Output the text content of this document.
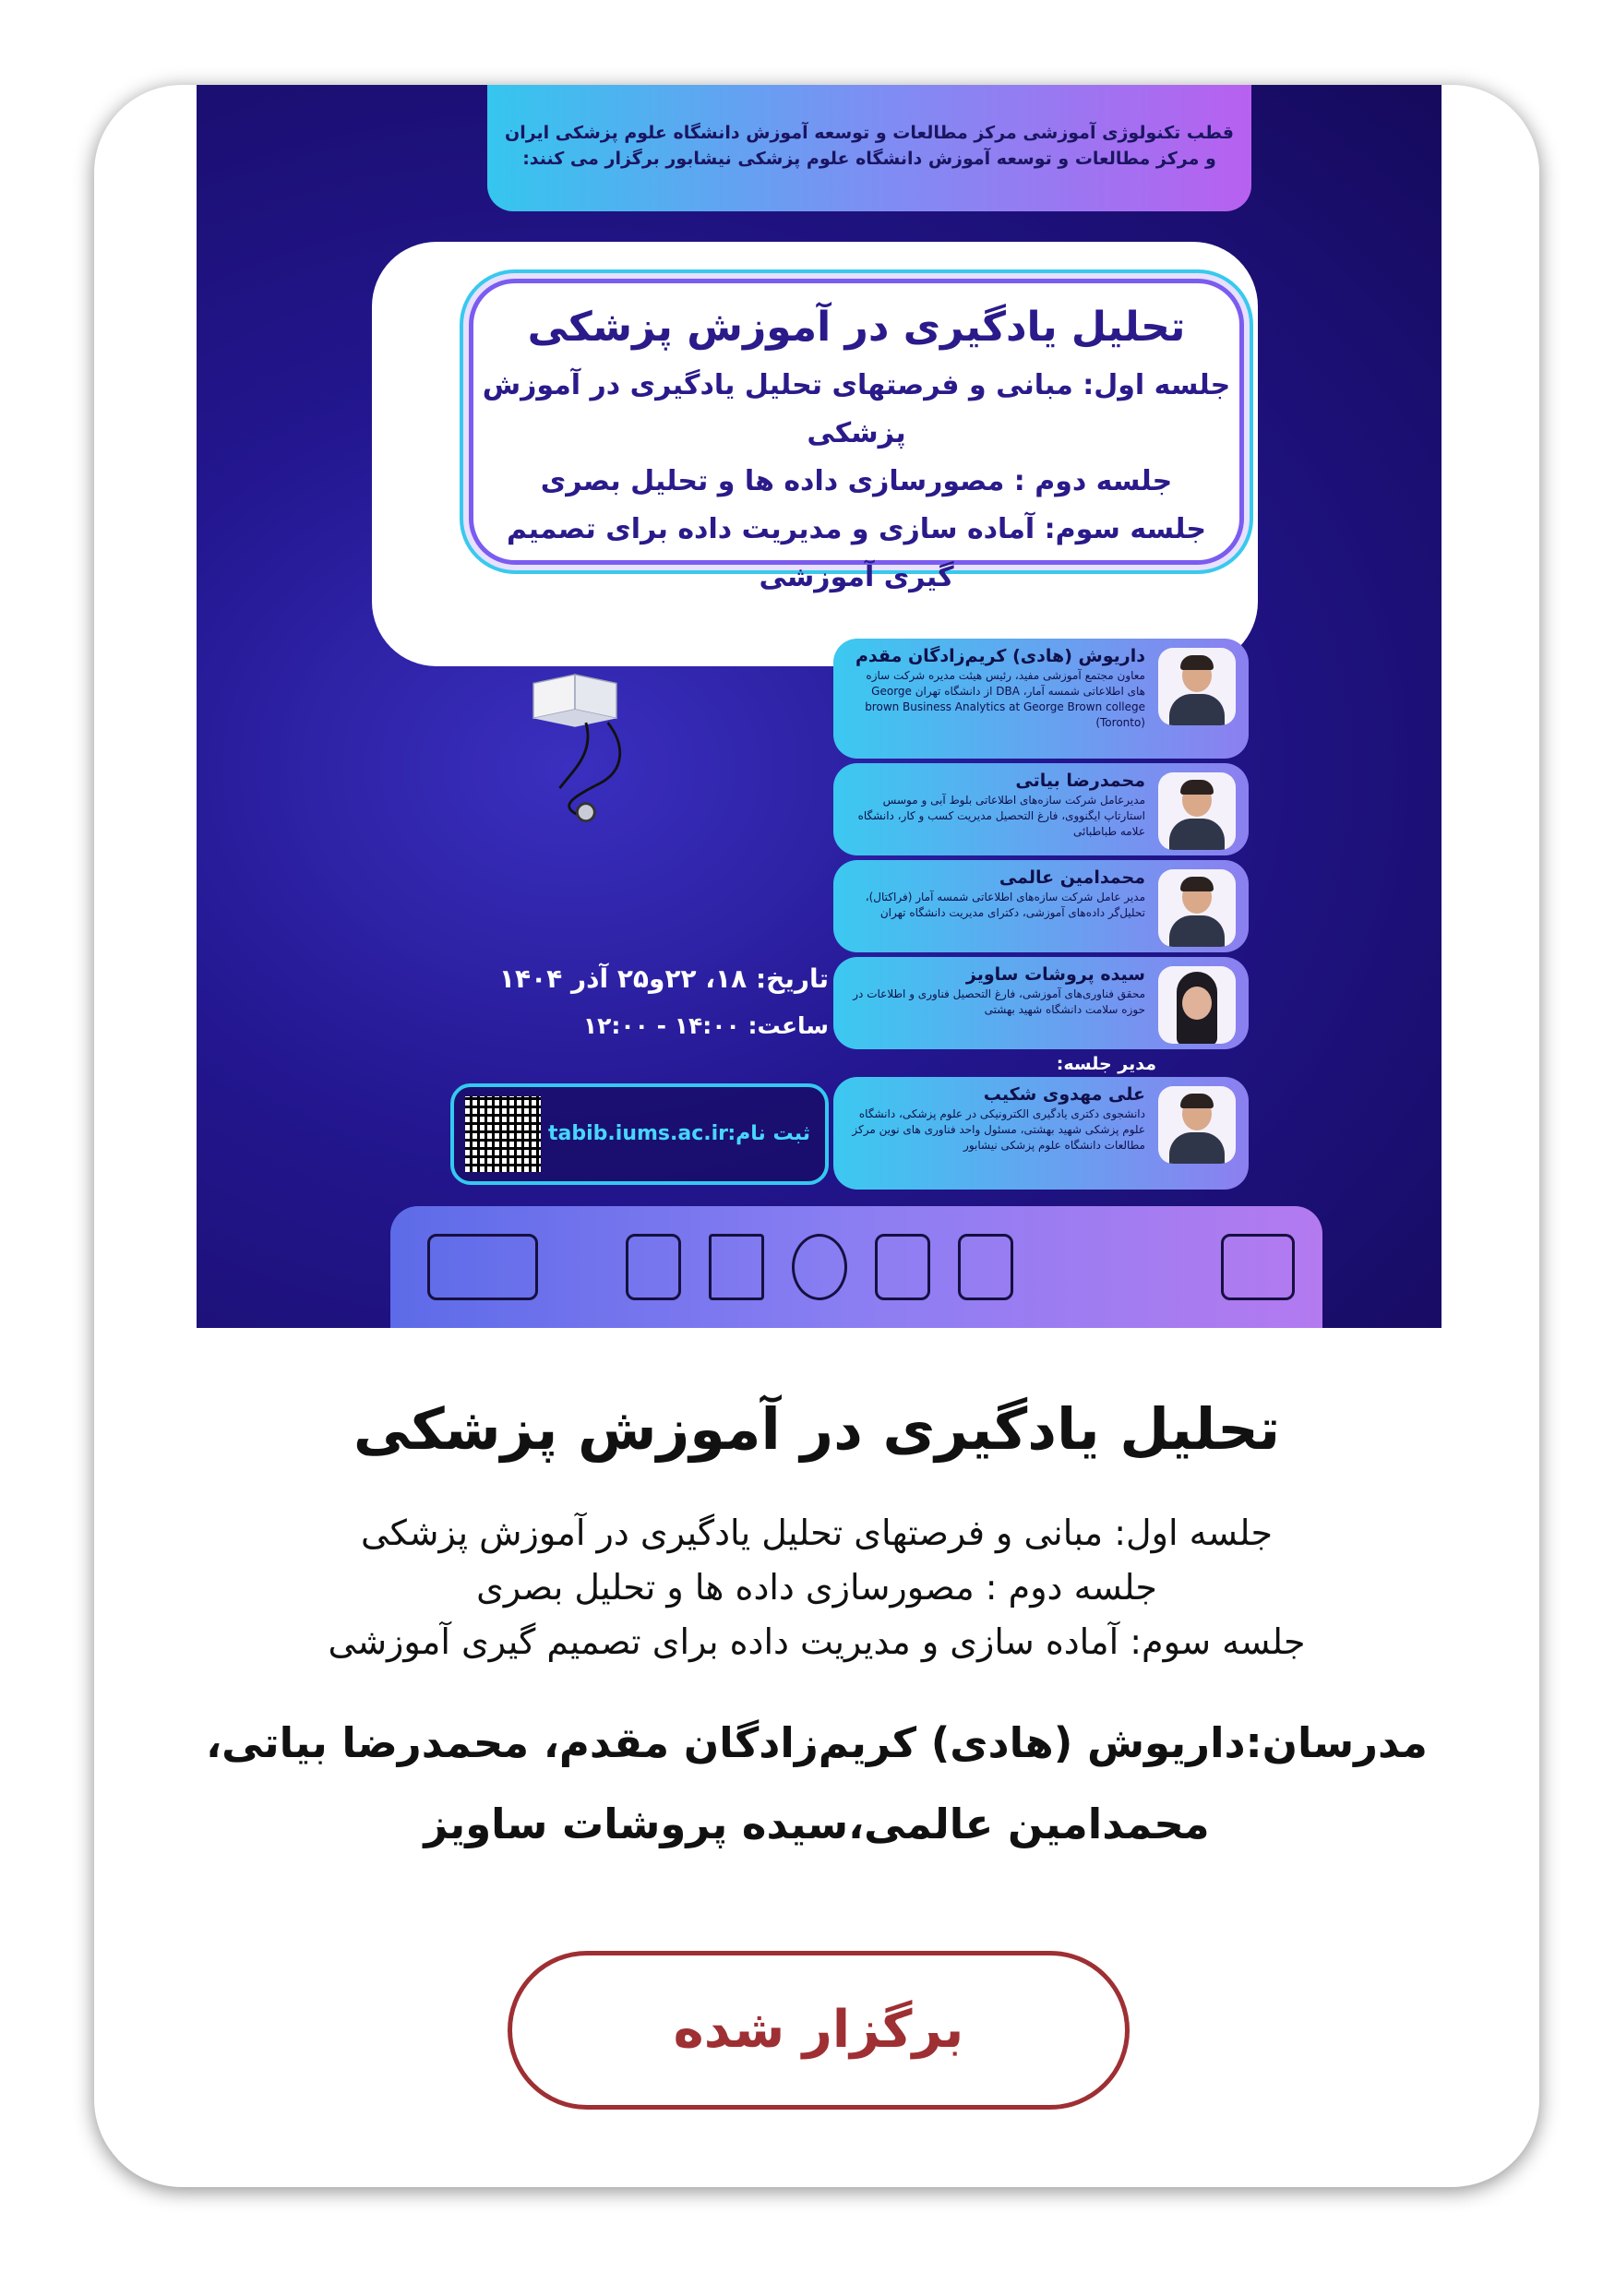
قطب تکنولوژی آموزشی مرکز مطالعات و توسعه آموزش دانشگاه علوم پزشکی ایران
و مرکز مطالعات و توسعه آموزش دانشگاه علوم پزشکی نیشابور برگزار می کنند:
تحلیل یادگیری در آموزش پزشکی
جلسه اول: مبانی و فرصتهای تحلیل یادگیری در آموزش پزشکی
جلسه دوم : مصورسازی داده ها و تحلیل بصری
جلسه سوم: آماده سازی و مدیریت داده برای تصمیم گیری آموزشی
مدرسان:
داریوش (هادی) کریم‌زادگان مقدم
معاون مجتمع آموزشی مفید، رئیس هیئت مدیره شرکت سازه های اطلاعاتی شمسه آمار، DBA از دانشگاه تهران George brown Business Analytics at George Brown college (Toronto)
محمدرضا بیاتی
مدیرعامل شرکت سازه‌های اطلاعاتی بلوط آبی و موسس استارتاپ ایگنووی، فارغ التحصیل مدیریت کسب و کار، دانشگاه علامه طباطبائی
محمدامین عالمی
مدیر عامل شرکت سازه‌های اطلاعاتی شمسه آمار (فراکتال)، تحلیل‌گر داده‌های آموزشی، دکترای مدیریت دانشگاه تهران
سیده پروشات ساویز
محقق فناوری‌های آموزشی، فارغ التحصیل فناوری و اطلاعات در حوزه سلامت دانشگاه شهید بهشتی
تاریخ: ۱۸، ۲۲و۲۵ آذر ۱۴۰۴
ساعت: ۱۴:۰۰ - ۱۲:۰۰
مدیر جلسه:
علی مهدوی شکیب
دانشجوی دکتری یادگیری الکترونیکی در علوم پزشکی، دانشگاه علوم پزشکی شهید بهشتی، مسئول واحد فناوری های نوین مرکز مطالعات دانشگاه علوم پزشکی نیشابور
ثبت نام:
tabib.iums.ac.ir
تحلیل یادگیری در آموزش پزشکی
جلسه اول: مبانی و فرصتهای تحلیل یادگیری در آموزش پزشکی
جلسه دوم : مصورسازی داده ها و تحلیل بصری
جلسه سوم: آماده سازی و مدیریت داده برای تصمیم گیری آموزشی
مدرسان:داریوش (هادی) کریم‌زادگان مقدم، محمدرضا بیاتی،
محمدامین عالمی،سیده پروشات ساویز
برگزار شده
